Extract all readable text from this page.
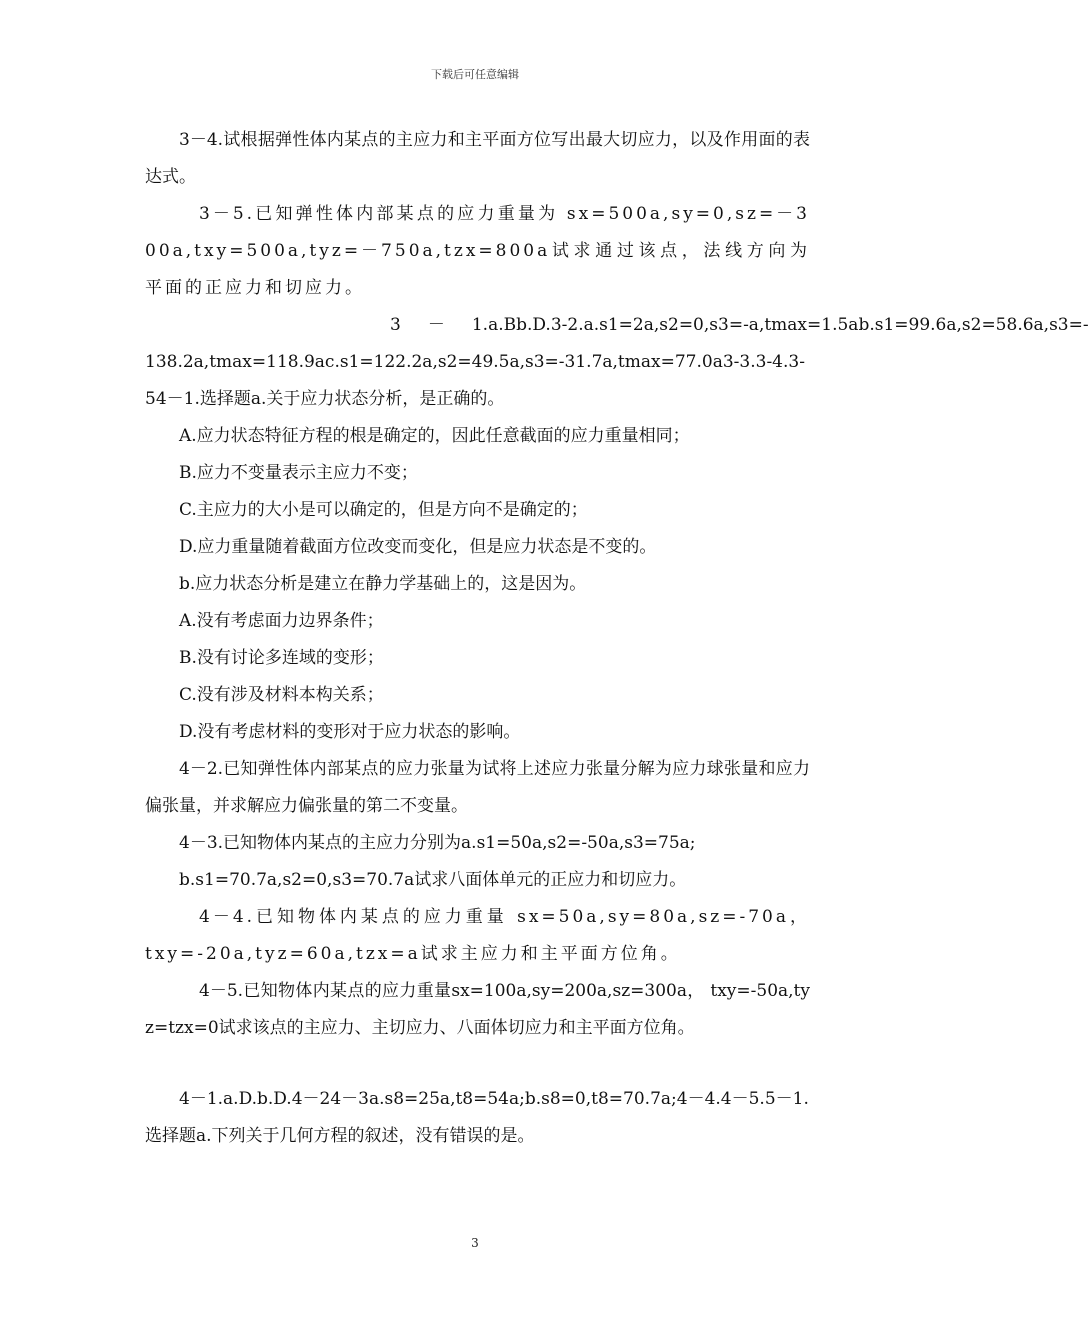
下载后可任意编辑

3－4.试根据弹性体内某点的主应力和主平面方位写出最大切应力，以及作用面的表达式。

3－5.已知弹性体内部某点的应力重量为 sx=500a,sy=0,sz=－300a,txy=500a,tyz=－750a,tzx=800a试求通过该点，法线方向为平面的正应力和切应力。

3     －     1.a.Bb.D.3-2.a.s1=2a,s2=0,s3=-a,tmax=1.5ab.s1=99.6a,s2=58.6a,s3=-

138.2a,tmax=118.9ac.s1=122.2a,s2=49.5a,s3=-31.7a,tmax=77.0a3-3.3-4.3-54－1.选择题a.关于应力状态分析，是正确的。

A.应力状态特征方程的根是确定的，因此任意截面的应力重量相同；

B.应力不变量表示主应力不变；

C.主应力的大小是可以确定的，但是方向不是确定的；

D.应力重量随着截面方位改变而变化，但是应力状态是不变的。

b.应力状态分析是建立在静力学基础上的，这是因为。

A.没有考虑面力边界条件；

B.没有讨论多连域的变形；

C.没有涉及材料本构关系；

D.没有考虑材料的变形对于应力状态的影响。

4－2.已知弹性体内部某点的应力张量为试将上述应力张量分解为应力球张量和应力偏张量，并求解应力偏张量的第二不变量。

4－3.已知物体内某点的主应力分别为a.s1=50a,s2=-50a,s3=75a;

b.s1=70.7a,s2=0,s3=70.7a试求八面体单元的正应力和切应力。

4－4.已知物体内某点的应力重量 sx=50a,sy=80a,sz=-70a， txy=-20a,tyz=60a,tzx=a试求主应力和主平面方位角。

4－5.已知物体内某点的应力重量sx=100a,sy=200a,sz=300a， txy=-50a,tyz=tzx=0试求该点的主应力、主切应力、八面体切应力和主平面方位角。

4－1.a.D.b.D.4－24－3a.s8=25a,t8=54a;b.s8=0,t8=70.7a;4－4.4－5.5－1.选择题a.下列关于几何方程的叙述，没有错误的是。

3
